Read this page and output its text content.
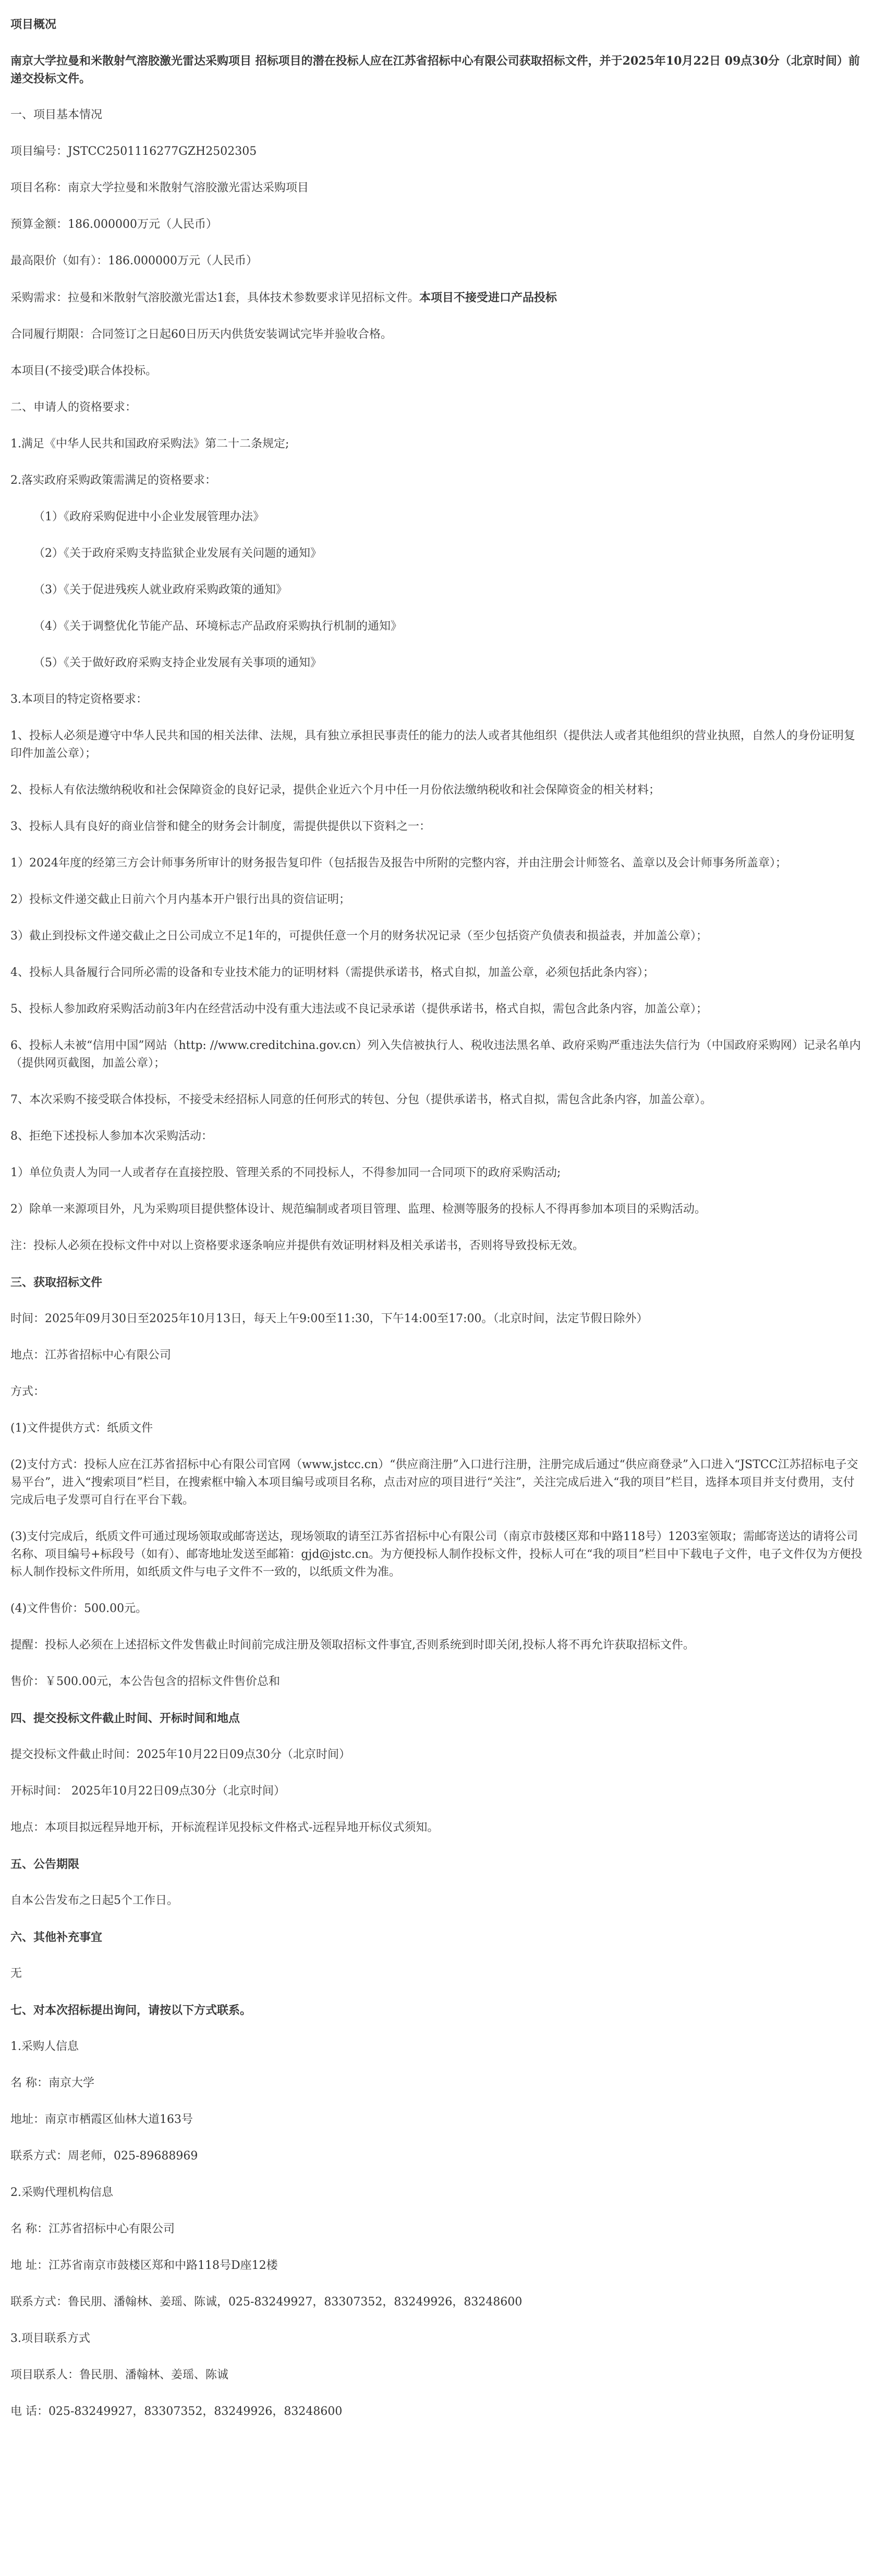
项目概况

南京大学拉曼和米散射气溶胶激光雷达采购项目 招标项目的潜在投标人应在江苏省招标中心有限公司获取招标文件，并于2025年10月22日 09点30分（北京时间）前递交投标文件。

一、项目基本情况

项目编号：JSTCC2501116277GZH2502305

项目名称：南京大学拉曼和米散射气溶胶激光雷达采购项目

预算金额：186.000000万元（人民币）

最高限价（如有）：186.000000万元（人民币）

采购需求：拉曼和米散射气溶胶激光雷达1套，具体技术参数要求详见招标文件。本项目不接受进口产品投标

合同履行期限：合同签订之日起60日历天内供货安装调试完毕并验收合格。

本项目(不接受)联合体投标。

二、申请人的资格要求：

1.满足《中华人民共和国政府采购法》第二十二条规定;

2.落实政府采购政策需满足的资格要求：

（1）《政府采购促进中小企业发展管理办法》

（2）《关于政府采购支持监狱企业发展有关问题的通知》

（3）《关于促进残疾人就业政府采购政策的通知》

（4）《关于调整优化节能产品、环境标志产品政府采购执行机制的通知》

（5）《关于做好政府采购支持企业发展有关事项的通知》

3.本项目的特定资格要求：

1、投标人必须是遵守中华人民共和国的相关法律、法规，具有独立承担民事责任的能力的法人或者其他组织（提供法人或者其他组织的营业执照，自然人的身份证明复印件加盖公章）；

2、投标人有依法缴纳税收和社会保障资金的良好记录，提供企业近六个月中任一月份依法缴纳税收和社会保障资金的相关材料；

3、投标人具有良好的商业信誉和健全的财务会计制度，需提供提供以下资料之一：

1）2024年度的经第三方会计师事务所审计的财务报告复印件（包括报告及报告中所附的完整内容，并由注册会计师签名、盖章以及会计师事务所盖章）；

2）投标文件递交截止日前六个月内基本开户银行出具的资信证明；

3）截止到投标文件递交截止之日公司成立不足1年的，可提供任意一个月的财务状况记录（至少包括资产负债表和损益表，并加盖公章）；

4、投标人具备履行合同所必需的设备和专业技术能力的证明材料（需提供承诺书，格式自拟，加盖公章，必须包括此条内容）；

5、投标人参加政府采购活动前3年内在经营活动中没有重大违法或不良记录承诺（提供承诺书，格式自拟，需包含此条内容，加盖公章）；

6、投标人未被“信用中国”网站（http: //www.creditchina.gov.cn）列入失信被执行人、税收违法黑名单、政府采购严重违法失信行为（中国政府采购网）记录名单内（提供网页截图，加盖公章）；

7、本次采购不接受联合体投标，不接受未经招标人同意的任何形式的转包、分包（提供承诺书，格式自拟，需包含此条内容，加盖公章）。

8、拒绝下述投标人参加本次采购活动：

1）单位负责人为同一人或者存在直接控股、管理关系的不同投标人，不得参加同一合同项下的政府采购活动;

2）除单一来源项目外，凡为采购项目提供整体设计、规范编制或者项目管理、监理、检测等服务的投标人不得再参加本项目的采购活动。

注：投标人必须在投标文件中对以上资格要求逐条响应并提供有效证明材料及相关承诺书，否则将导致投标无效。

三、获取招标文件

时间：2025年09月30日至2025年10月13日，每天上午9:00至11:30，下午14:00至17:00。（北京时间，法定节假日除外）

地点：江苏省招标中心有限公司

方式：

(1)文件提供方式：纸质文件

(2)支付方式：投标人应在江苏省招标中心有限公司官网（www.jstcc.cn）“供应商注册”入口进行注册，注册完成后通过“供应商登录”入口进入“JSTCC江苏招标电子交易平台”，进入“搜索项目”栏目，在搜索框中输入本项目编号或项目名称，点击对应的项目进行“关注”，关注完成后进入“我的项目”栏目，选择本项目并支付费用，支付完成后电子发票可自行在平台下载。

(3)支付完成后，纸质文件可通过现场领取或邮寄送达，现场领取的请至江苏省招标中心有限公司（南京市鼓楼区郑和中路118号）1203室领取；需邮寄送达的请将公司名称、项目编号+标段号（如有）、邮寄地址发送至邮箱：gjd@jstc.cn。为方便投标人制作投标文件，投标人可在“我的项目”栏目中下载电子文件，电子文件仅为方便投标人制作投标文件所用，如纸质文件与电子文件不一致的，以纸质文件为准。

(4)文件售价：500.00元。

提醒：投标人必须在上述招标文件发售截止时间前完成注册及领取招标文件事宜,否则系统到时即关闭,投标人将不再允许获取招标文件。

售价：￥500.00元，本公告包含的招标文件售价总和

四、提交投标文件截止时间、开标时间和地点

提交投标文件截止时间：2025年10月22日09点30分（北京时间）

开标时间： 2025年10月22日09点30分（北京时间）

地点：本项目拟远程异地开标，开标流程详见投标文件格式-远程异地开标仪式须知。

五、公告期限

自本公告发布之日起5个工作日。

六、其他补充事宜

无

七、对本次招标提出询问，请按以下方式联系。

1.采购人信息

名 称：南京大学

地址：南京市栖霞区仙林大道163号

联系方式：周老师，025-89688969

2.采购代理机构信息

名 称：江苏省招标中心有限公司

地 址：江苏省南京市鼓楼区郑和中路118号D座12楼

联系方式：鲁民朋、潘翰林、姜瑶、陈诚，025-83249927，83307352，83249926，83248600

3.项目联系方式

项目联系人：鲁民朋、潘翰林、姜瑶、陈诚

电 话：025-83249927，83307352，83249926，83248600
